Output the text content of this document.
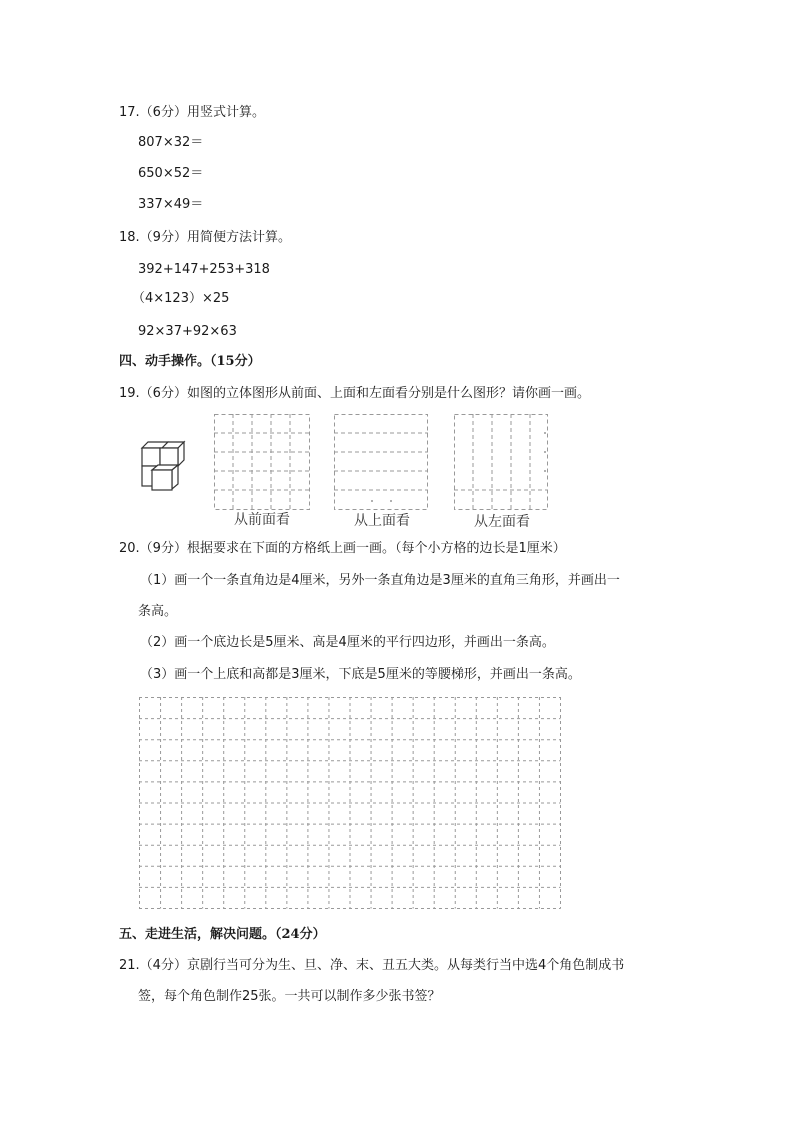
17.（6分）用竖式计算。
807×32＝
650×52＝
337×49＝
18.（9分）用简便方法计算。
392+147+253+318
（4×123）×25
92×37+92×63
四、动手操作。（15分）
19.（6分）如图的立体图形从前面、上面和左面看分别是什么图形？请你画一画。
从前面看	从上面看	从左面看
20.（9分）根据要求在下面的方格纸上画一画。（每个小方格的边长是1厘米）
（1）画一个一条直角边是4厘米，另外一条直角边是3厘米的直角三角形，并画出一
条高。
（2）画一个底边长是5厘米、高是4厘米的平行四边形，并画出一条高。
（3）画一个上底和高都是3厘米，下底是5厘米的等腰梯形，并画出一条高。
五、走进生活，解决问题。（24分）
21.（4分）京剧行当可分为生、旦、净、末、丑五大类。从每类行当中选4个角色制成书
签，每个角色制作25张。一共可以制作多少张书签？
